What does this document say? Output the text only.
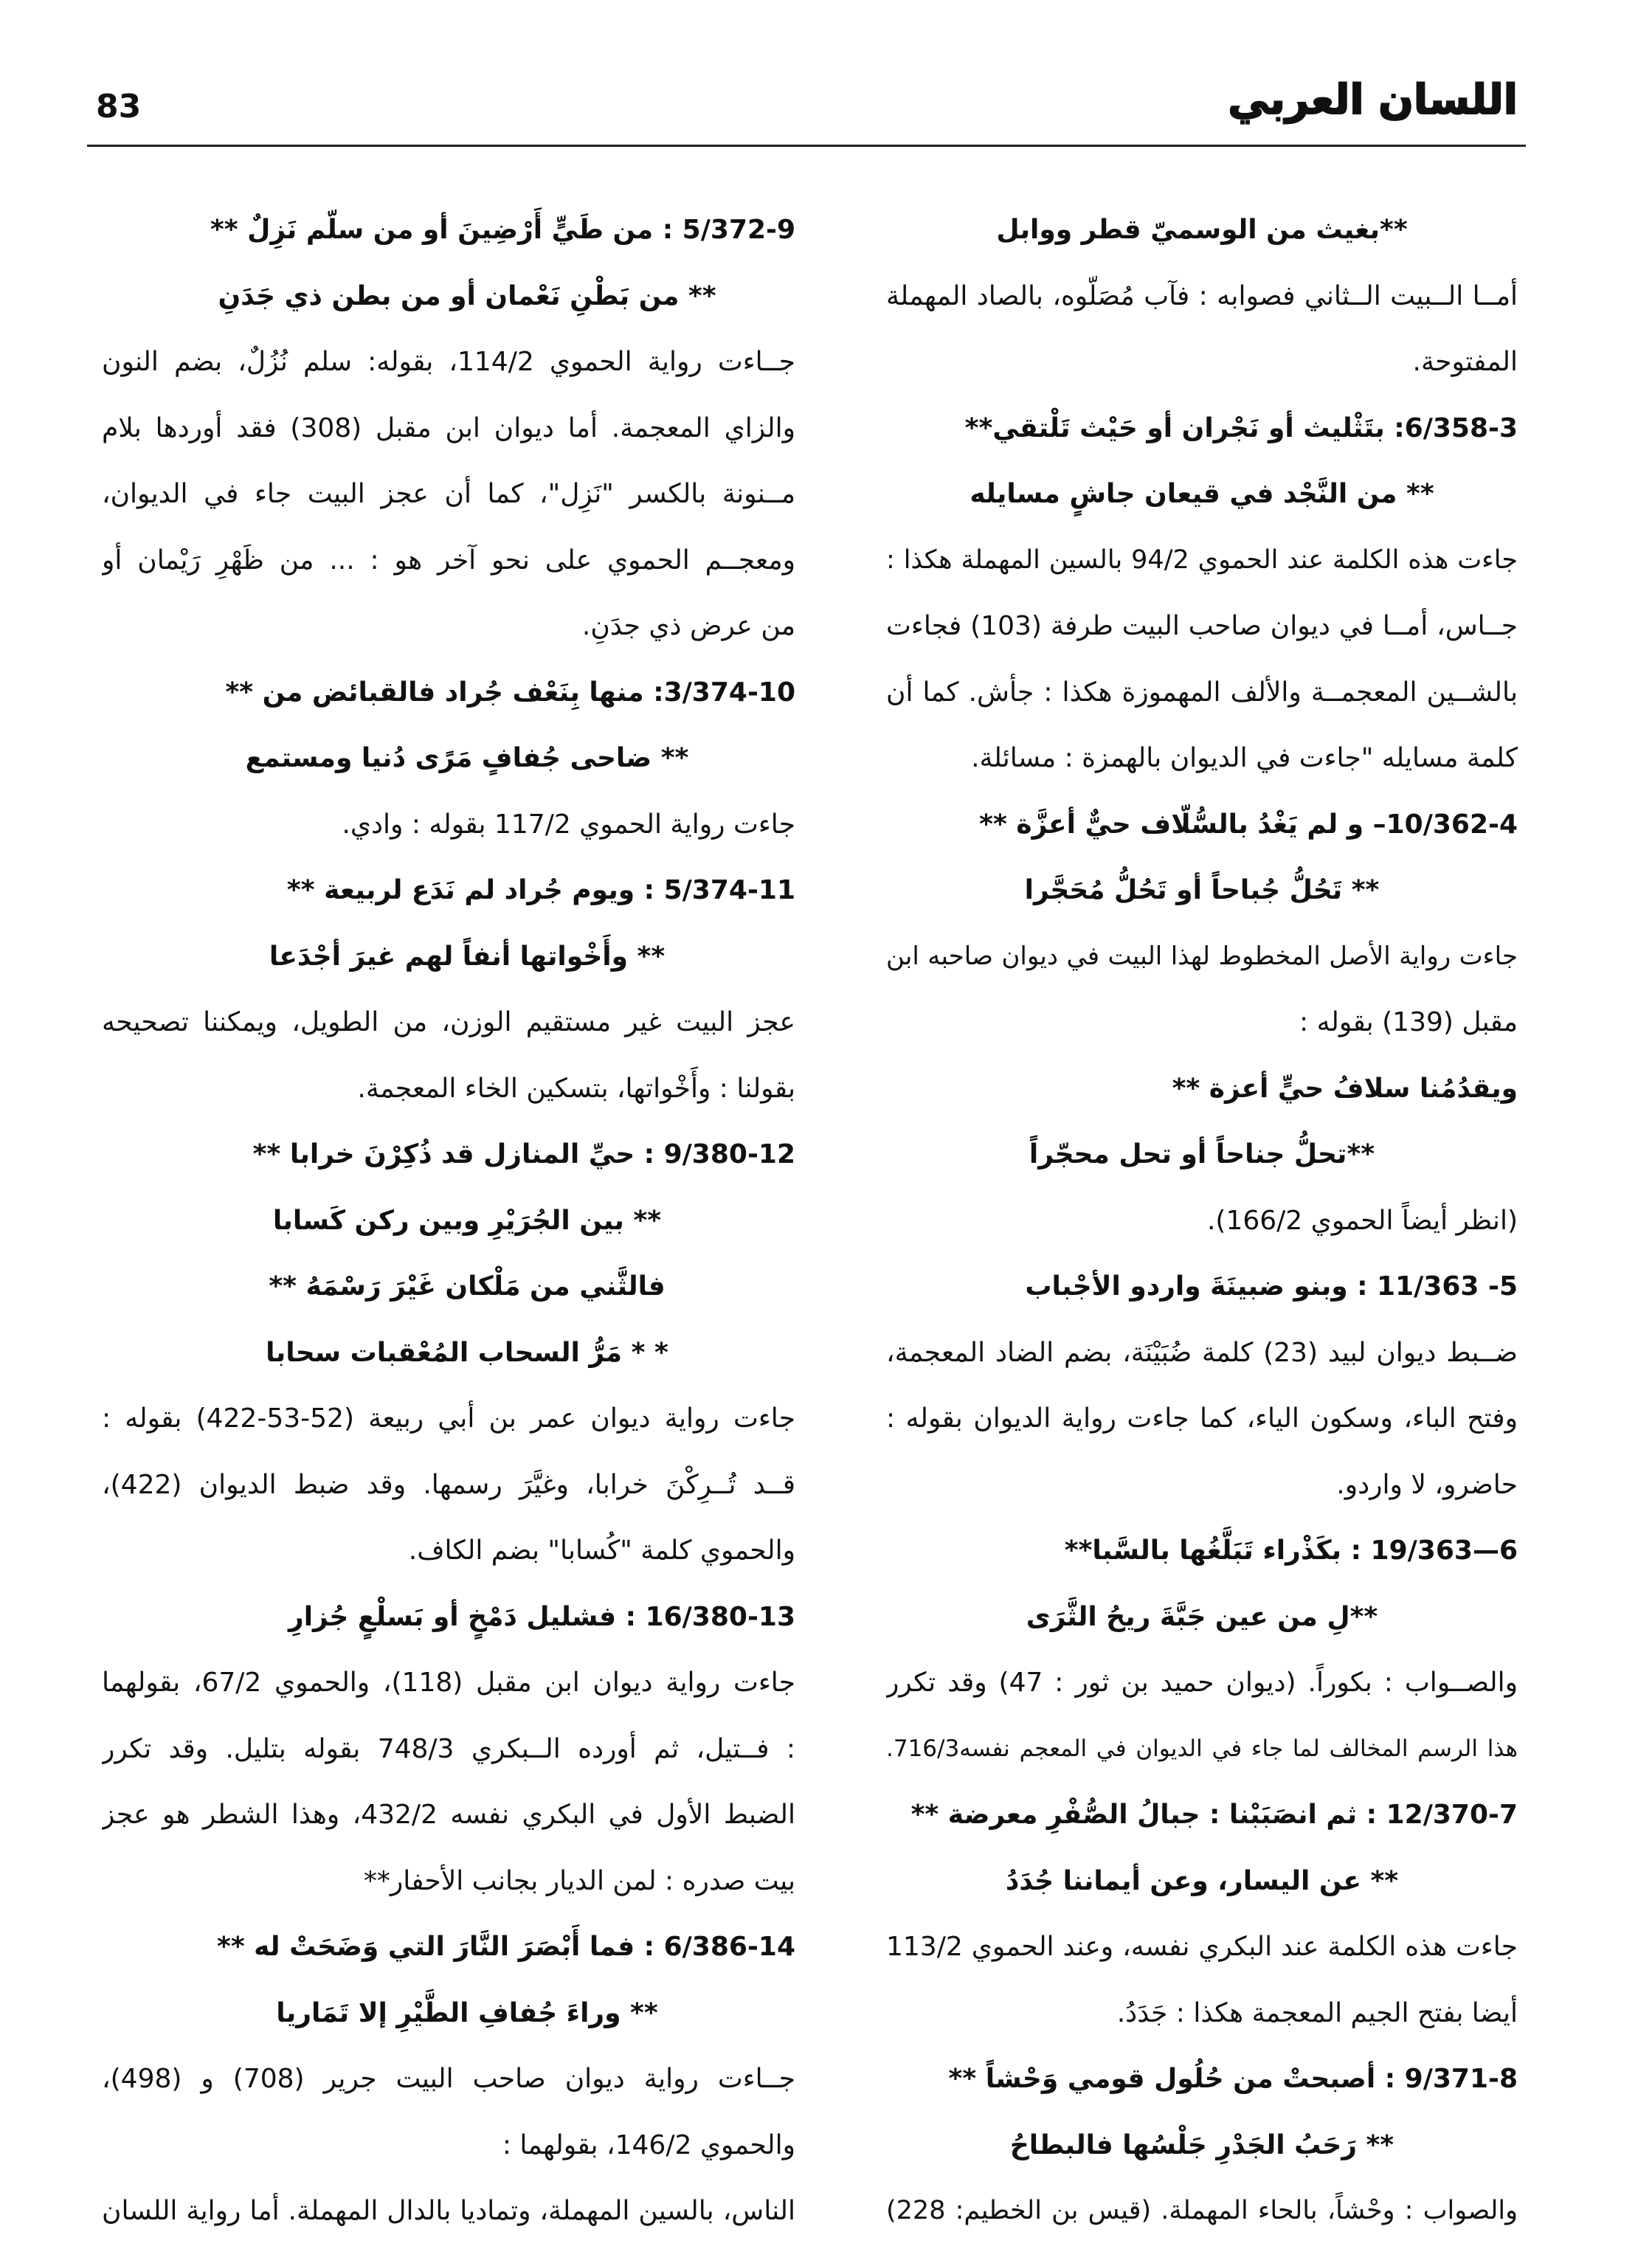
83	اللسان العربي
**بغيث من الوسميّ قطر ووابل
أمــا الــبيت الــثاني فصوابه : فآب مُصَلّوه، بالصاد المهملة
المفتوحة.
6/358-3: بتَثْليث أو نَجْران أو حَيْث تَلْتقي**
** من النَّجْد في قيعان جاشٍ مسايله
جاءت هذه الكلمة عند الحموي 94/2 بالسين المهملة هكذا :
جــاس، أمــا في ديوان صاحب البيت طرفة (103) فجاءت
بالشــين المعجمــة والألف المهموزة هكذا : جأش. كما أن
كلمة مسايله "جاءت في الديوان بالهمزة : مسائلة.
10/362-4– و لم يَغْدُ بالسُّلّاف حيٌّ أعزَّة **
** تَحُلُّ جُباحاً أو تَحُلُّ مُحَجَّرا
جاءت رواية الأصل المخطوط لهذا البيت في ديوان صاحبه ابن
مقبل (139) بقوله :
ويقدُمُنا سلافُ حيٍّ أعزة **
**تحلُّ جناحاً أو تحل محجّراً
(انظر أيضاً الحموي 166/2).
5- 11/363 : وبنو ضبينَةَ واردو الأجْباب
ضــبط ديوان لبيد (23) كلمة ضُبَيْنَة، بضم الضاد المعجمة،
وفتح الباء، وسكون الياء، كما جاءت رواية الديوان بقوله :
حاضرو، لا واردو.
6—19/363 : بكَذْراء تَبَلَّغُها بالسَّبا**
**لِ من عين جَبَّةَ ريحُ الثَّرَى
والصــواب : بكوراً. (ديوان حميد بن ثور : 47) وقد تكرر
هذا الرسم المخالف لما جاء في الديوان في المعجم نفسه716/3.
12/370-7 : ثم انصَبَبْنا : جبالُ الصُّفْرِ معرضة **
** عن اليسار، وعن أيماننا جُدَدُ
جاءت هذه الكلمة عند البكري نفسه، وعند الحموي 113/2
أيضا بفتح الجيم المعجمة هكذا : جَدَدُ.
9/371-8 : أصبحتْ من حُلُول قومي وَحْشاً **
** رَحَبُ الجَدْرِ جَلْسُها فالبطاحُ
والصواب : وحْشاً، بالحاء المهملة. (قيس بن الخطيم: 228)
5/372-9 : من طَيٍّ أَرْضِينَ أو من سلّم نَزِلٌ **
** من بَطْنِ نَعْمان أو من بطن ذي جَدَنِ
جــاءت رواية الحموي 114/2، بقوله: سلم نُزُلٌ، بضم النون
والزاي المعجمة. أما ديوان ابن مقبل (308) فقد أوردها بلام
مــنونة بالكسر "نَزِل"، كما أن عجز البيت جاء في الديوان،
ومعجــم الحموي على نحو آخر هو : ... من ظَهْرِ رَيْمان أو
من عرض ذي جدَنِ.
3/374-10: منها بِنَعْف جُراد فالقبائض من **
** ضاحى جُفافٍ مَرًى دُنيا ومستمع
جاءت رواية الحموي 117/2 بقوله : وادي.
5/374-11 : ويوم جُراد لم نَدَع لربيعة **
** وأَخْواتها أنفاً لهم غيرَ أجْدَعا
عجز البيت غير مستقيم الوزن، من الطويل، ويمكننا تصحيحه
بقولنا : وأَخْواتها، بتسكين الخاء المعجمة.
9/380-12 : حيِّ المنازل قد ذُكِرْنَ خرابا **
** بين الجُرَيْرِ وبين ركن كَسابا
فالثَّني من مَلْكان غَيْرَ رَسْمَهُ **
* * مَرُّ السحاب المُعْقبات سحابا
جاءت رواية ديوان عمر بن أبي ربيعة (52-53-422) بقوله :
قــد تُــرِكْنَ خرابا، وغيَّرَ رسمها. وقد ضبط الديوان (422)،
والحموي كلمة "كُسابا" بضم الكاف.
16/380-13 : فشليل دَمْخٍ أو بَسلْعٍ جُزارِ
جاءت رواية ديوان ابن مقبل (118)، والحموي 67/2، بقولهما
: فــتيل، ثم أورده الــبكري 748/3 بقوله بتليل. وقد تكرر
الضبط الأول في البكري نفسه 432/2، وهذا الشطر هو عجز
بيت صدره : لمن الديار بجانب الأحفار**
6/386-14 : فما أَبْصَرَ النَّارَ التي وَضَحَتْ له **
** وراءَ جُفافِ الطَّيْرِ إلا تَمَاريا
جــاءت رواية ديوان صاحب البيت جرير (708) و (498)،
والحموي 146/2، بقولهما :
الناس، بالسين المهملة، وتماديا بالدال المهملة. أما رواية اللسان
